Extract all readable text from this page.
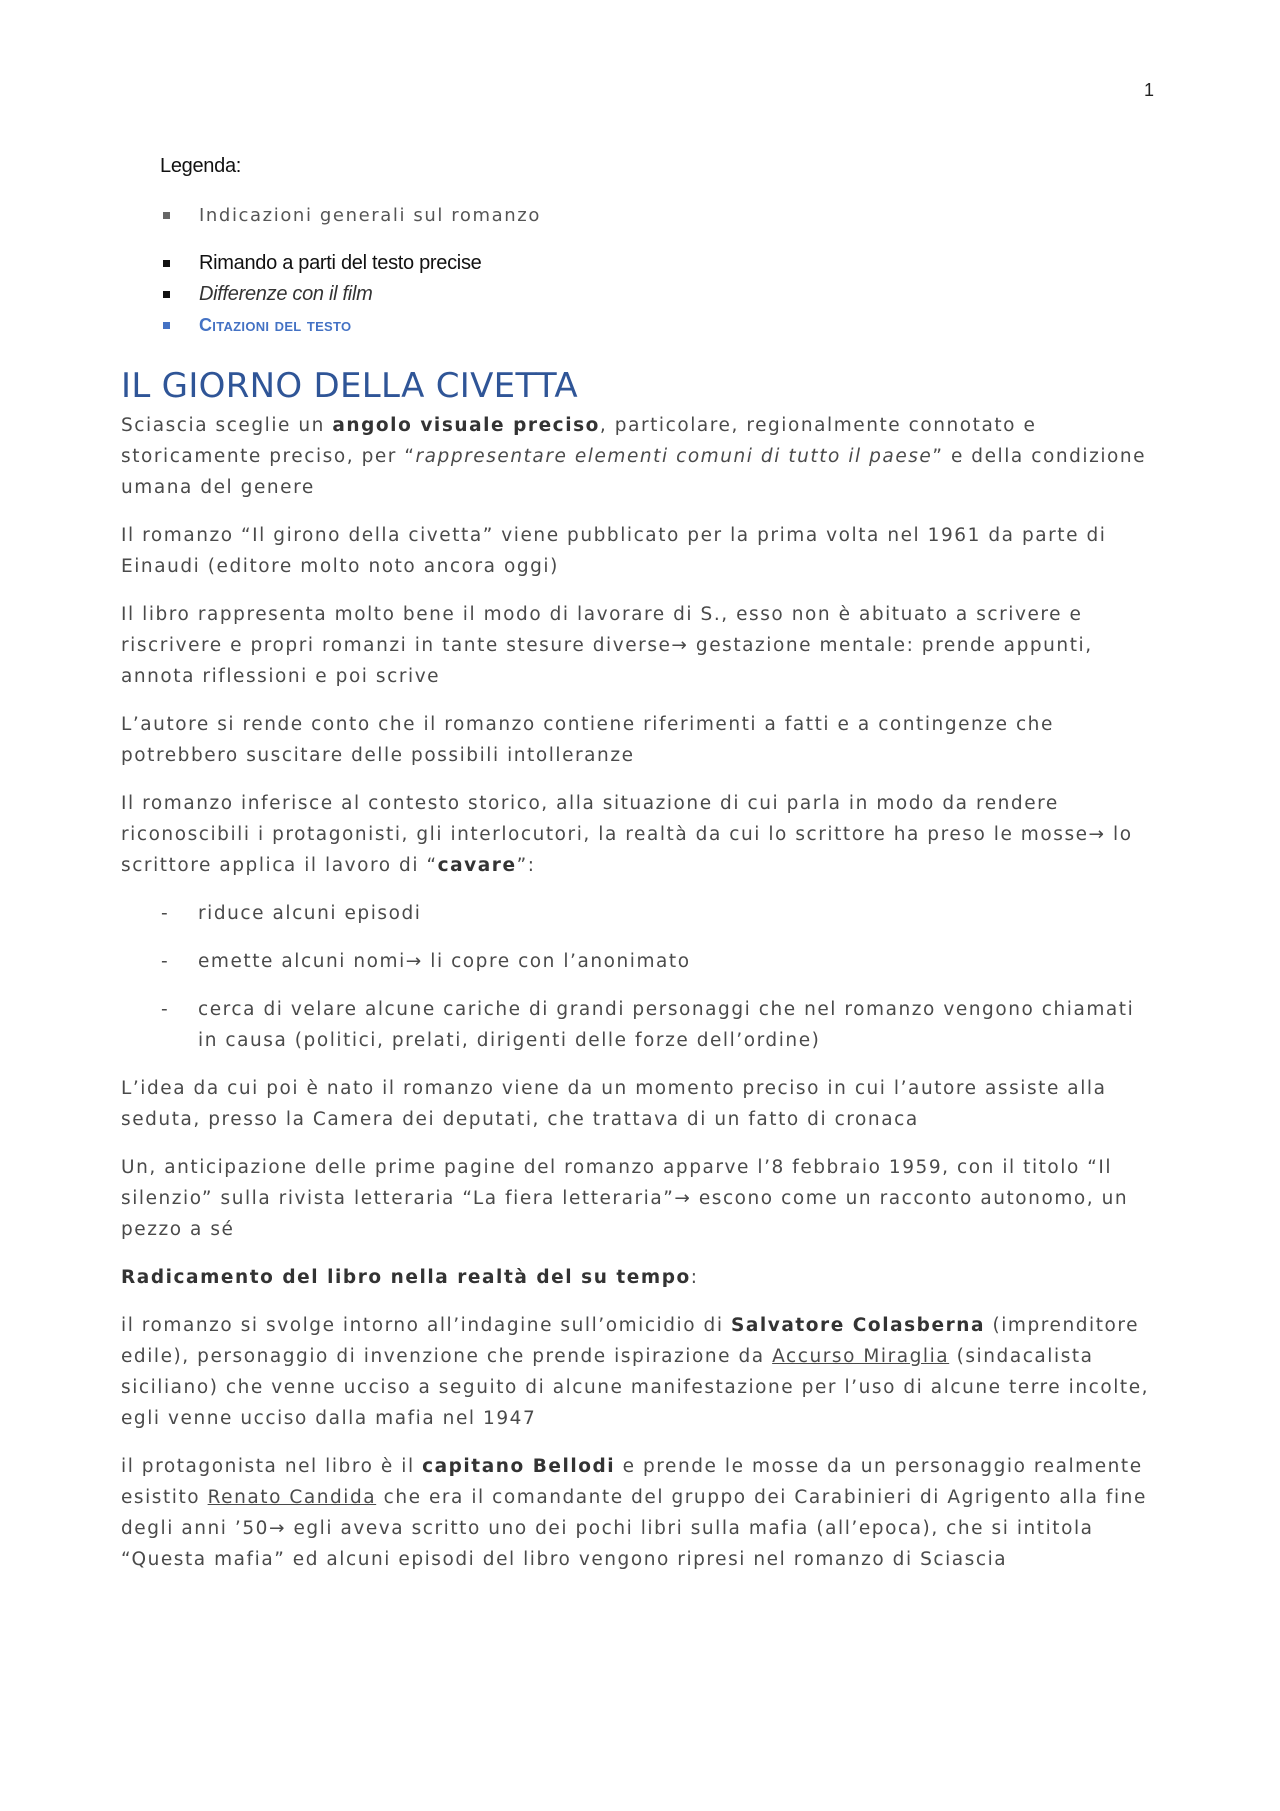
1
Legenda:
Indicazioni generali sul romanzo
Rimando a parti del testo precise
Differenze con il film
Citazioni del testo
IL GIORNO DELLA CIVETTA

Sciascia sceglie un angolo visuale preciso, particolare, regionalmente connotato e storicamente preciso, per “rappresentare elementi comuni di tutto il paese” e della condizione umana del genere

Il romanzo “Il girono della civetta” viene pubblicato per la prima volta nel 1961 da parte di Einaudi (editore molto noto ancora oggi)

Il libro rappresenta molto bene il modo di lavorare di S., esso non è abituato a scrivere e riscrivere e propri romanzi in tante stesure diverse→ gestazione mentale: prende appunti, annota riflessioni e poi scrive

L’autore si rende conto che il romanzo contiene riferimenti a fatti e a contingenze che potrebbero suscitare delle possibili intolleranze

Il romanzo inferisce al contesto storico, alla situazione di cui parla in modo da rendere riconoscibili i protagonisti, gli interlocutori, la realtà da cui lo scrittore ha preso le mosse→ lo scrittore applica il lavoro di “cavare”:

- riduce alcuni episodi
- emette alcuni nomi→ li copre con l’anonimato
- cerca di velare alcune cariche di grandi personaggi che nel romanzo vengono chiamati in causa (politici, prelati, dirigenti delle forze dell’ordine)

L’idea da cui poi è nato il romanzo viene da un momento preciso in cui l’autore assiste alla seduta, presso la Camera dei deputati, che trattava di un fatto di cronaca

Un, anticipazione delle prime pagine del romanzo apparve l’8 febbraio 1959, con il titolo “Il silenzio” sulla rivista letteraria “La fiera letteraria”→ escono come un racconto autonomo, un pezzo a sé

Radicamento del libro nella realtà del su tempo:

il romanzo si svolge intorno all’indagine sull’omicidio di Salvatore Colasberna (imprenditore edile), personaggio di invenzione che prende ispirazione da Accurso Miraglia (sindacalista siciliano) che venne ucciso a seguito di alcune manifestazione per l’uso di alcune terre incolte, egli venne ucciso dalla mafia nel 1947

il protagonista nel libro è il capitano Bellodi e prende le mosse da un personaggio realmente esistito Renato Candida che era il comandante del gruppo dei Carabinieri di Agrigento alla fine degli anni ’50→ egli aveva scritto uno dei pochi libri sulla mafia (all’epoca), che si intitola “Questa mafia” ed alcuni episodi del libro vengono ripresi nel romanzo di Sciascia
